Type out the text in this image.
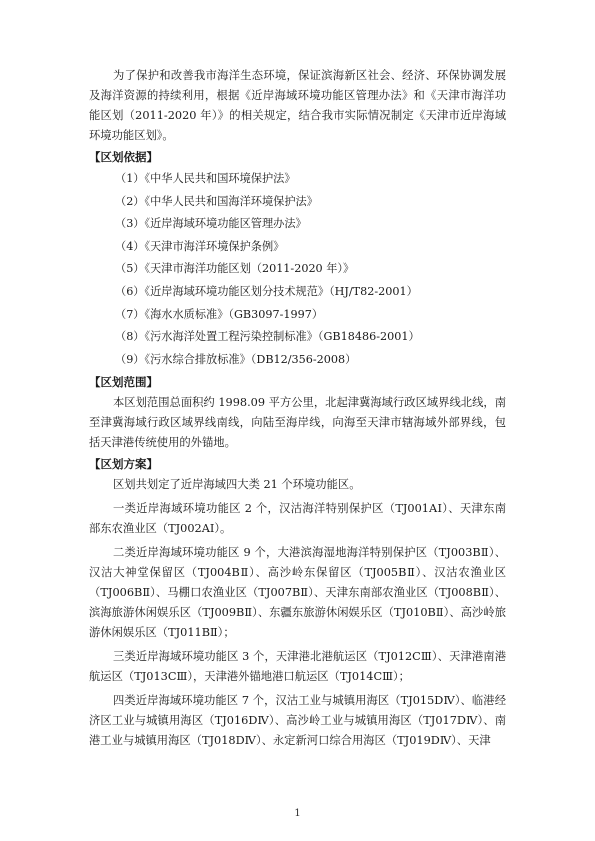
为了保护和改善我市海洋生态环境，保证滨海新区社会、经济、环保协调发展及海洋资源的持续利用，根据《近岸海域环境功能区管理办法》和《天津市海洋功能区划（2011-2020 年）》的相关规定，结合我市实际情况制定《天津市近岸海域环境功能区划》。

【区划依据】

（1）《中华人民共和国环境保护法》

（2）《中华人民共和国海洋环境保护法》

（3）《近岸海域环境功能区管理办法》

（4）《天津市海洋环境保护条例》

（5）《天津市海洋功能区划（2011-2020 年）》

（6）《近岸海域环境功能区划分技术规范》（HJ/T82-2001）

（7）《海水水质标准》（GB3097-1997）

（8）《污水海洋处置工程污染控制标准》（GB18486-2001）

（9）《污水综合排放标准》（DB12/356-2008）

【区划范围】

本区划范围总面积约 1998.09 平方公里，北起津冀海域行政区域界线北线，南至津冀海域行政区域界线南线，向陆至海岸线，向海至天津市辖海域外部界线，包括天津港传统使用的外锚地。

【区划方案】

区划共划定了近岸海域四大类 21 个环境功能区。

一类近岸海域环境功能区 2 个，汉沽海洋特别保护区（TJ001AⅠ）、天津东南部东农渔业区（TJ002AⅠ）。

二类近岸海域环境功能区 9 个，大港滨海湿地海洋特别保护区（TJ003BⅡ）、汉沽大神堂保留区（TJ004BⅡ）、高沙岭东保留区（TJ005BⅡ）、汉沽农渔业区（TJ006BⅡ）、马棚口农渔业区（TJ007BⅡ）、天津东南部农渔业区（TJ008BⅡ）、滨海旅游休闲娱乐区（TJ009BⅡ）、东疆东旅游休闲娱乐区（TJ010BⅡ）、高沙岭旅游休闲娱乐区（TJ011BⅡ）；

三类近岸海域环境功能区 3 个，天津港北港航运区（TJ012CⅢ）、天津港南港航运区（TJ013CⅢ），天津港外锚地港口航运区（TJ014CⅢ）；

四类近岸海域环境功能区 7 个，汉沽工业与城镇用海区（TJ015DⅣ）、临港经济区工业与城镇用海区（TJ016DⅣ）、高沙岭工业与城镇用海区（TJ017DⅣ）、南港工业与城镇用海区（TJ018DⅣ）、永定新河口综合用海区（TJ019DⅣ）、天津

1
